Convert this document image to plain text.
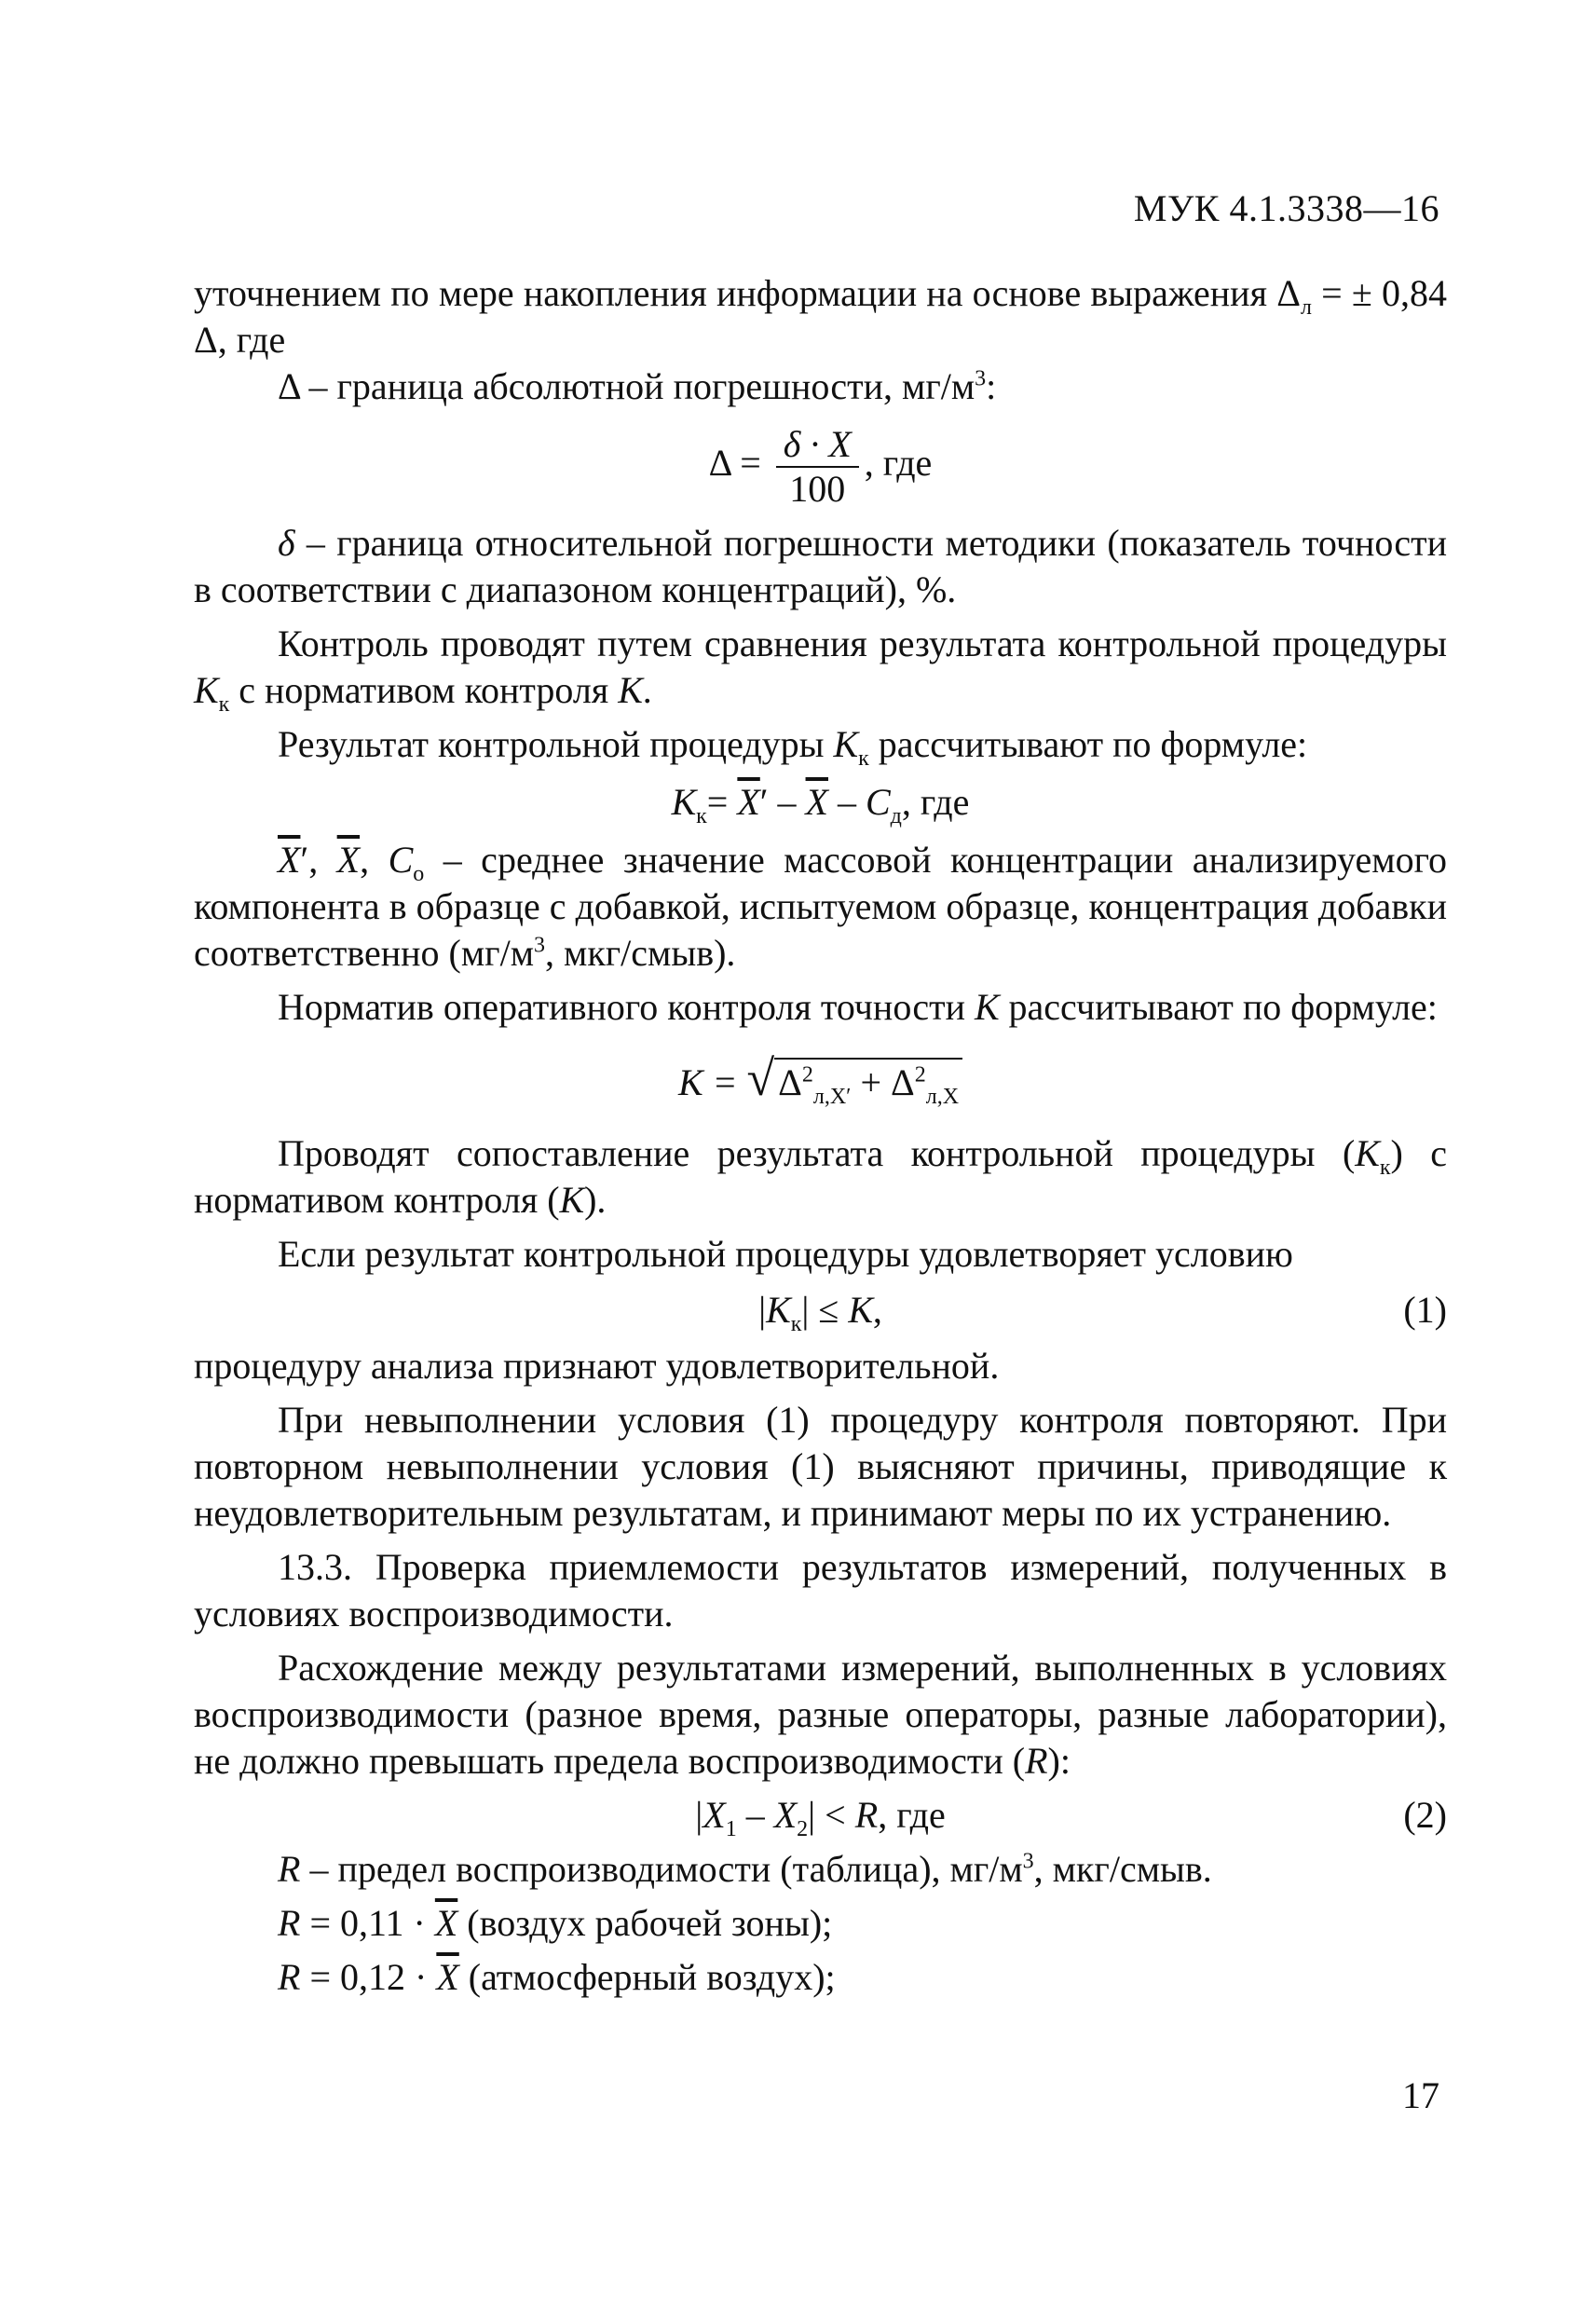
МУК 4.1.3338—16

уточнением по мере накопления информации на основе выражения $\Delta_л$ = ± 0,84 Δ, где

Δ – граница абсолютной погрешности, $мг/м^3$:

$\Delta = \frac{\delta \cdot X}{100}$ , где

δ – граница относительной погрешности методики (показатель точности в соответствии с диапазоном концентраций), %.

Контроль проводят путем сравнения результата контрольной процедуры $К_к$ с нормативом контроля К.

Результат контрольной процедуры $К_к$ рассчитывают по формуле:

$К_к= \overline{X}' - \overline{X} - С_д$, где

$\overline{X}'$, $\overline{X}$, $С_о$ – среднее значение массовой концентрации анализируемого компонента в образце с добавкой, испытуемом образце, концентрация добавки соответственно ($мг/м^3$, мкг/смыв).

Норматив оперативного контроля точности К рассчитывают по формуле:

К = √ $\Delta^2_{л,X'} + \Delta^2_{л,X}$

Проводят сопоставление результата контрольной процедуры $(К_к)$ с нормативом контроля (К).

Если результат контрольной процедуры удовлетворяет условию

$|К_к| \le К$,	(1)

процедуру анализа признают удовлетворительной.

При невыполнении условия (1) процедуру контроля повторяют. При повторном невыполнении условия (1) выясняют причины, приводящие к неудовлетворительным результатам, и принимают меры по их устранению.

13.3. Проверка приемлемости результатов измерений, полученных в условиях воспроизводимости.

Расхождение между результатами измерений, выполненных в условиях воспроизводимости (разное время, разные операторы, разные лаборатории), не должно превышать предела воспроизводимости (R):

$|X_1 - X_2| < R$, где	(2)

R – предел воспроизводимости (таблица), $мг/м^3$, мкг/смыв.

$R = 0,11 \cdot \overline{X}$ (воздух рабочей зоны);

$R = 0,12 \cdot \overline{X}$ (атмосферный воздух);

17
